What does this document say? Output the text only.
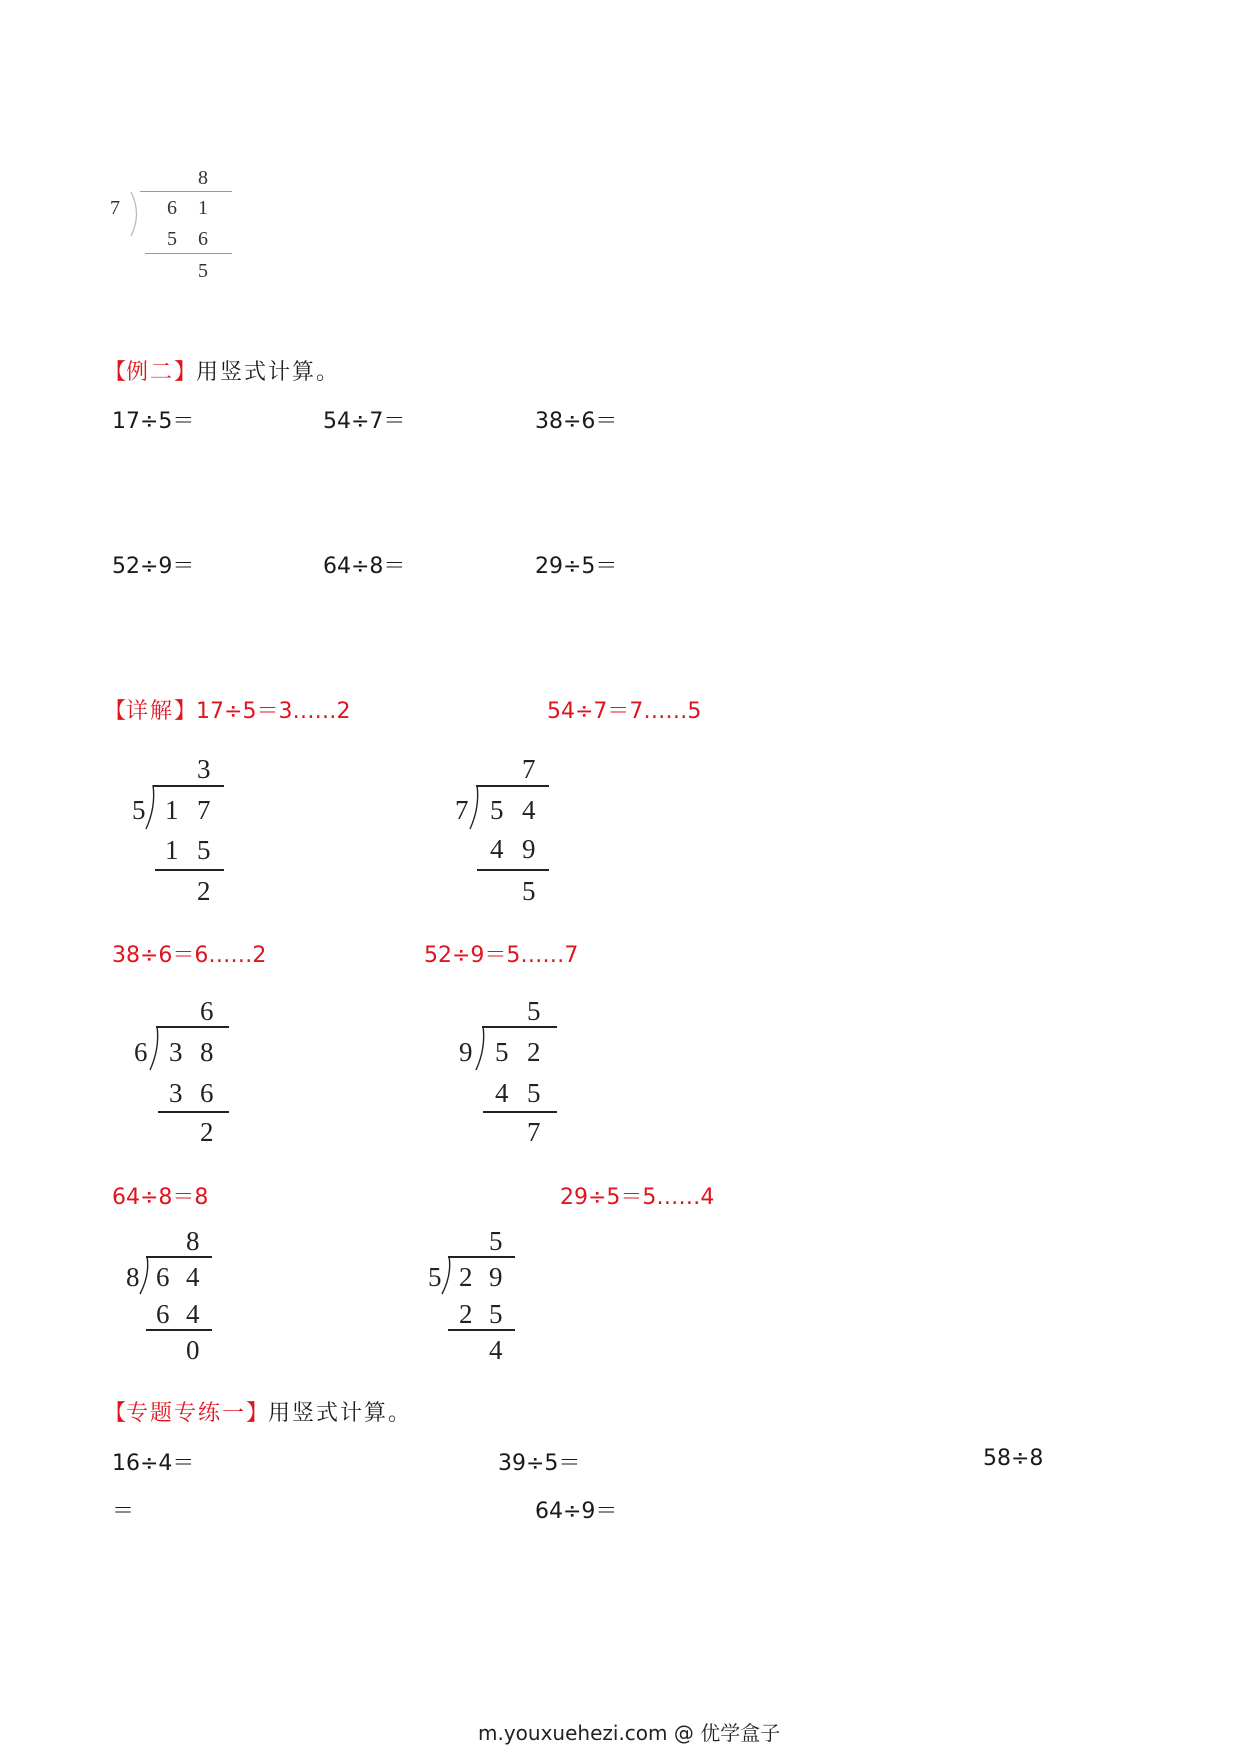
8
7 6 1
5 6
5
【例二】用竖式计算。
17÷5＝	54÷7＝	38÷6＝
52÷9＝	64÷8＝	29÷5＝
【详解】17÷5＝3……2	54÷7＝7……5
3
5 1 7
1 5
2
7
7 5 4
4 9
5
38÷6＝6……2	52÷9＝5……7
6
6 3 8
3 6
2
5
9 5 2
4 5
7
64÷8＝8	29÷5＝5……4
8
8 6 4
6 4
0
5
5 2 9
2 5
4
【专题专练一】用竖式计算。
16÷4＝	39÷5＝	58÷8
＝	64÷9＝
m.youxuehezi.com @ 优学盒子
